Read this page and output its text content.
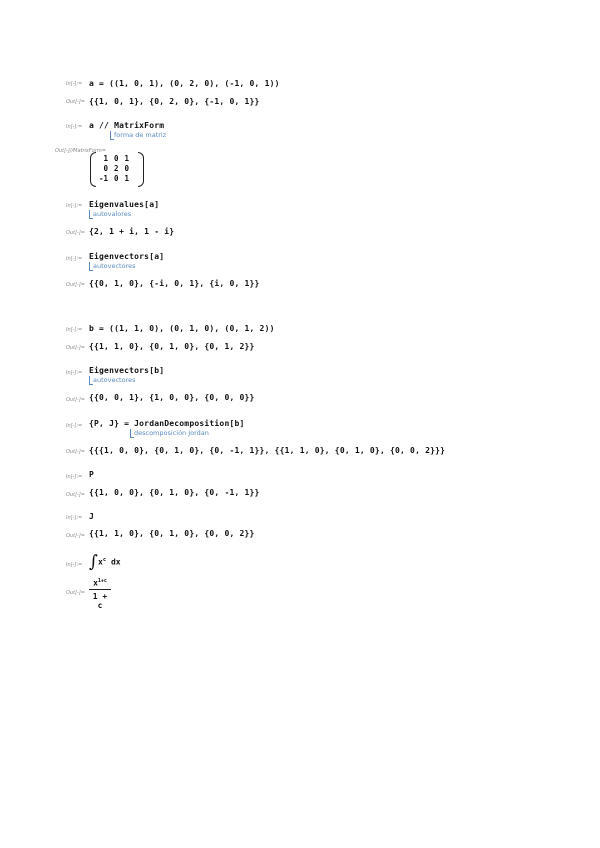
In[-]:= a = ((1, 0, 1), (0, 2, 0), (-1, 0, 1))
Out[-]= {{1, 0, 1}, {0, 2, 0}, {-1, 0, 1}}
In[-]:= a // MatrixForm
forma de matriz
Out[-]//MatrixForm=
1	0	1
0	2	0
-1	0	1
In[-]:= Eigenvalues[a]
autovalores
Out[-]= {2, 1 + i, 1 - i}
In[-]:= Eigenvectors[a]
autovectores
Out[-]= {{0, 1, 0}, {-i, 0, 1}, {i, 0, 1}}
In[-]:= b = ((1, 1, 0), (0, 1, 0), (0, 1, 2))
Out[-]= {{1, 1, 0}, {0, 1, 0}, {0, 1, 2}}
In[-]:= Eigenvectors[b]
autovectores
Out[-]= {{0, 0, 1}, {1, 0, 0}, {0, 0, 0}}
In[-]:= {P, J} = JordanDecomposition[b]
descomposición Jordan
Out[-]= {{{1, 0, 0}, {0, 1, 0}, {0, -1, 1}}, {{1, 1, 0}, {0, 1, 0}, {0, 0, 2}}}
In[-]:= P
Out[-]= {{1, 0, 0}, {0, 1, 0}, {0, -1, 1}}
In[-]:= J
Out[-]= {{1, 1, 0}, {0, 1, 0}, {0, 0, 2}}
In[-]:= ∫ $x^c$ dx
Out[-]=
$x^{1+c}$
1 + c
